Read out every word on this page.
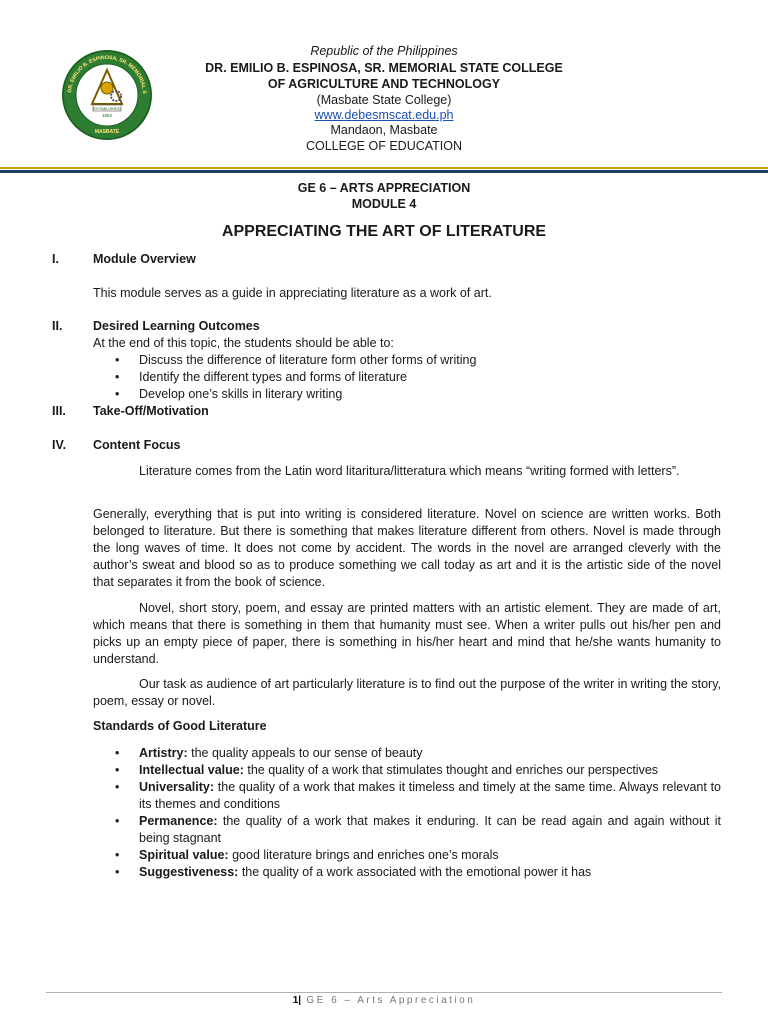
DR. EMILIO B. ESPINOSA, SR. MEMORIAL S
ESTABLISHED
1952
MASBATE
Republic of the Philippines
DR. EMILIO B. ESPINOSA, SR. MEMORIAL STATE COLLEGE
OF AGRICULTURE AND TECHNOLOGY
(Masbate State College)
www.debesmscat.edu.ph
Mandaon, Masbate
COLLEGE OF EDUCATION
GE 6 – ARTS APPRECIATION
MODULE 4
APPRECIATING THE ART OF LITERATURE
I.	Module Overview

This module serves as a guide in appreciating literature as a work of art.

II. Desired Learning Outcomes

At the end of this topic, the students should be able to:

• Discuss the difference of literature form other forms of writing
• Identify the different types and forms of literature
• Develop one’s skills in literary writing
III. Take-Off/Motivation
IV. Content Focus

Literature comes from the Latin word litaritura/litteratura which means “writing formed with letters”.

Generally, everything that is put into writing is considered literature. Novel on science are written works. Both belonged to literature. But there is something that makes literature different from others. Novel is made through the long waves of time. It does not come by accident. The words in the novel are arranged cleverly with the author’s sweat and blood so as to produce something we call today as art and it is the artistic side of the novel that separates it from the book of science.

Novel, short story, poem, and essay are printed matters with an artistic element. They are made of art, which means that there is something in them that humanity must see. When a writer pulls out his/her pen and picks up an empty piece of paper, there is something in his/her heart and mind that he/she wants humanity to understand.

Our task as audience of art particularly literature is to find out the purpose of the writer in writing the story, poem, essay or novel.

Standards of Good Literature
• Artistry: the quality appeals to our sense of beauty
• Intellectual value: the quality of a work that stimulates thought and enriches our perspectives
• Universality: the quality of a work that makes it timeless and timely at the same time. Always relevant to its themes and conditions
• Permanence: the quality of a work that makes it enduring. It can be read again and again without it being stagnant
• Spiritual value: good literature brings and enriches one’s morals
• Suggestiveness: the quality of a work associated with the emotional power it has
1| GE 6 – Arts Appreciation
